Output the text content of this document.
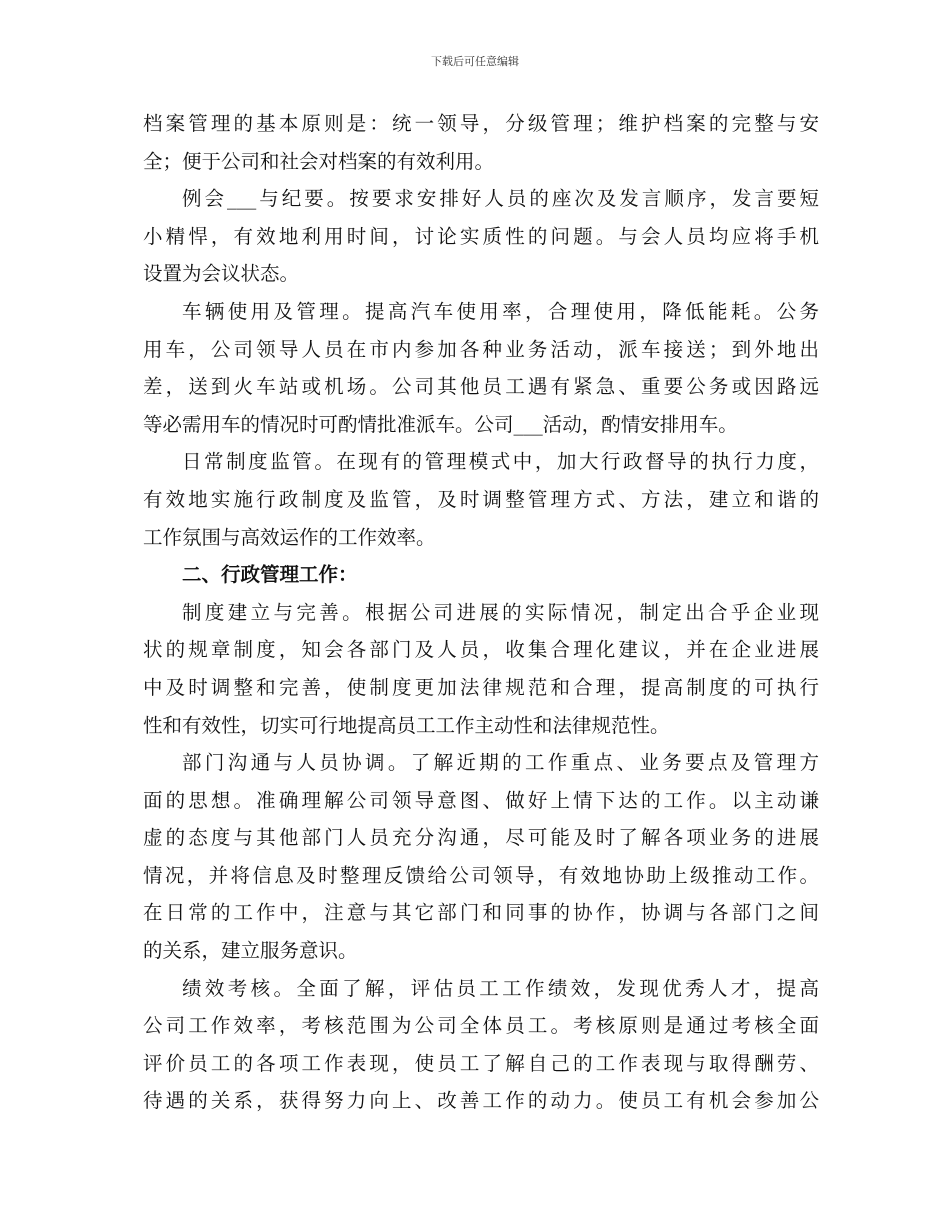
下载后可任意编辑
档案管理的基本原则是：统一领导，分级管理；维护档案的完整与安
全；便于公司和社会对档案的有效利用。
例会___与纪要。按要求安排好人员的座次及发言顺序，发言要短
小精悍，有效地利用时间，讨论实质性的问题。与会人员均应将手机
设置为会议状态。
车辆使用及管理。提高汽车使用率，合理使用，降低能耗。公务
用车，公司领导人员在市内参加各种业务活动，派车接送；到外地出
差，送到火车站或机场。公司其他员工遇有紧急、重要公务或因路远
等必需用车的情况时可酌情批准派车。公司___活动，酌情安排用车。
日常制度监管。在现有的管理模式中，加大行政督导的执行力度，
有效地实施行政制度及监管，及时调整管理方式、方法，建立和谐的
工作氛围与高效运作的工作效率。
二、行政管理工作：
制度建立与完善。根据公司进展的实际情况，制定出合乎企业现
状的规章制度，知会各部门及人员，收集合理化建议，并在企业进展
中及时调整和完善，使制度更加法律规范和合理，提高制度的可执行
性和有效性，切实可行地提高员工工作主动性和法律规范性。
部门沟通与人员协调。了解近期的工作重点、业务要点及管理方
面的思想。准确理解公司领导意图、做好上情下达的工作。以主动谦
虚的态度与其他部门人员充分沟通，尽可能及时了解各项业务的进展
情况，并将信息及时整理反馈给公司领导，有效地协助上级推动工作。
在日常的工作中，注意与其它部门和同事的协作，协调与各部门之间
的关系，建立服务意识。
绩效考核。全面了解，评估员工工作绩效，发现优秀人才，提高
公司工作效率，考核范围为公司全体员工。考核原则是通过考核全面
评价员工的各项工作表现，使员工了解自己的工作表现与取得酬劳、
待遇的关系，获得努力向上、改善工作的动力。使员工有机会参加公
